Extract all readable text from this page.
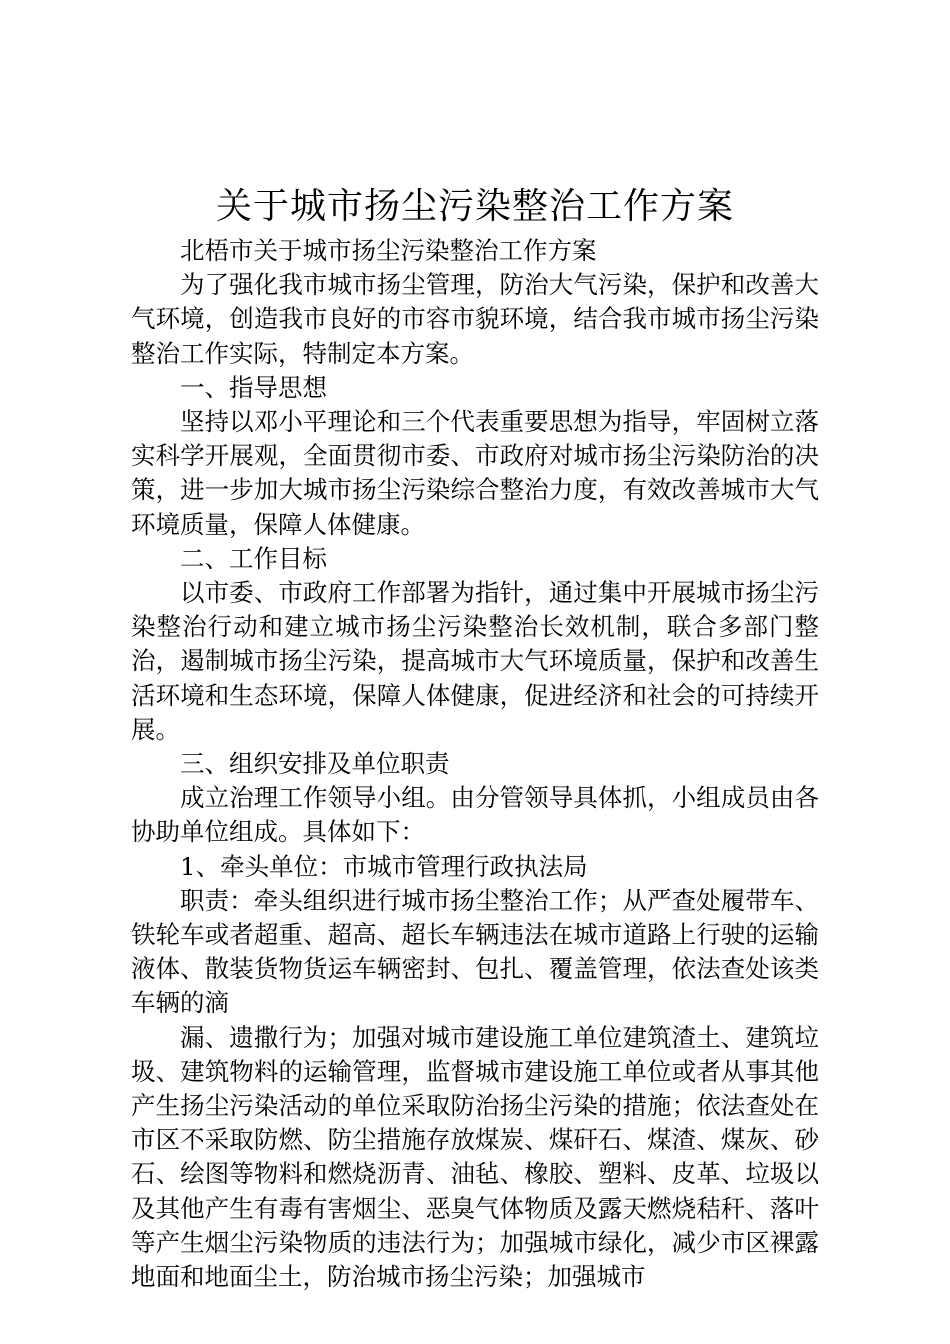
关于城市扬尘污染整治工作方案

北梧市关于城市扬尘污染整治工作方案

为了强化我市城市扬尘管理，防治大气污染，保护和改善大气环境，创造我市良好的市容市貌环境，结合我市城市扬尘污染整治工作实际，特制定本方案。

一、指导思想

坚持以邓小平理论和三个代表重要思想为指导，牢固树立落实科学开展观，全面贯彻市委、市政府对城市扬尘污染防治的决策，进一步加大城市扬尘污染综合整治力度，有效改善城市大气环境质量，保障人体健康。

二、工作目标

以市委、市政府工作部署为指针，通过集中开展城市扬尘污染整治行动和建立城市扬尘污染整治长效机制，联合多部门整治，遏制城市扬尘污染，提高城市大气环境质量，保护和改善生活环境和生态环境，保障人体健康，促进经济和社会的可持续开展。

三、组织安排及单位职责

成立治理工作领导小组。由分管领导具体抓，小组成员由各协助单位组成。具体如下：

1、牵头单位：市城市管理行政执法局

职责：牵头组织进行城市扬尘整治工作；从严查处履带车、铁轮车或者超重、超高、超长车辆违法在城市道路上行驶的运输液体、散装货物货运车辆密封、包扎、覆盖管理，依法查处该类车辆的滴

漏、遗撒行为；加强对城市建设施工单位建筑渣土、建筑垃圾、建筑物料的运输管理，监督城市建设施工单位或者从事其他产生扬尘污染活动的单位采取防治扬尘污染的措施；依法查处在市区不采取防燃、防尘措施存放煤炭、煤矸石、煤渣、煤灰、砂石、绘图等物料和燃烧沥青、油毡、橡胶、塑料、皮革、垃圾以及其他产生有毒有害烟尘、恶臭气体物质及露天燃烧秸秆、落叶等产生烟尘污染物质的违法行为；加强城市绿化，减少市区裸露地面和地面尘土，防治城市扬尘污染；加强城市
